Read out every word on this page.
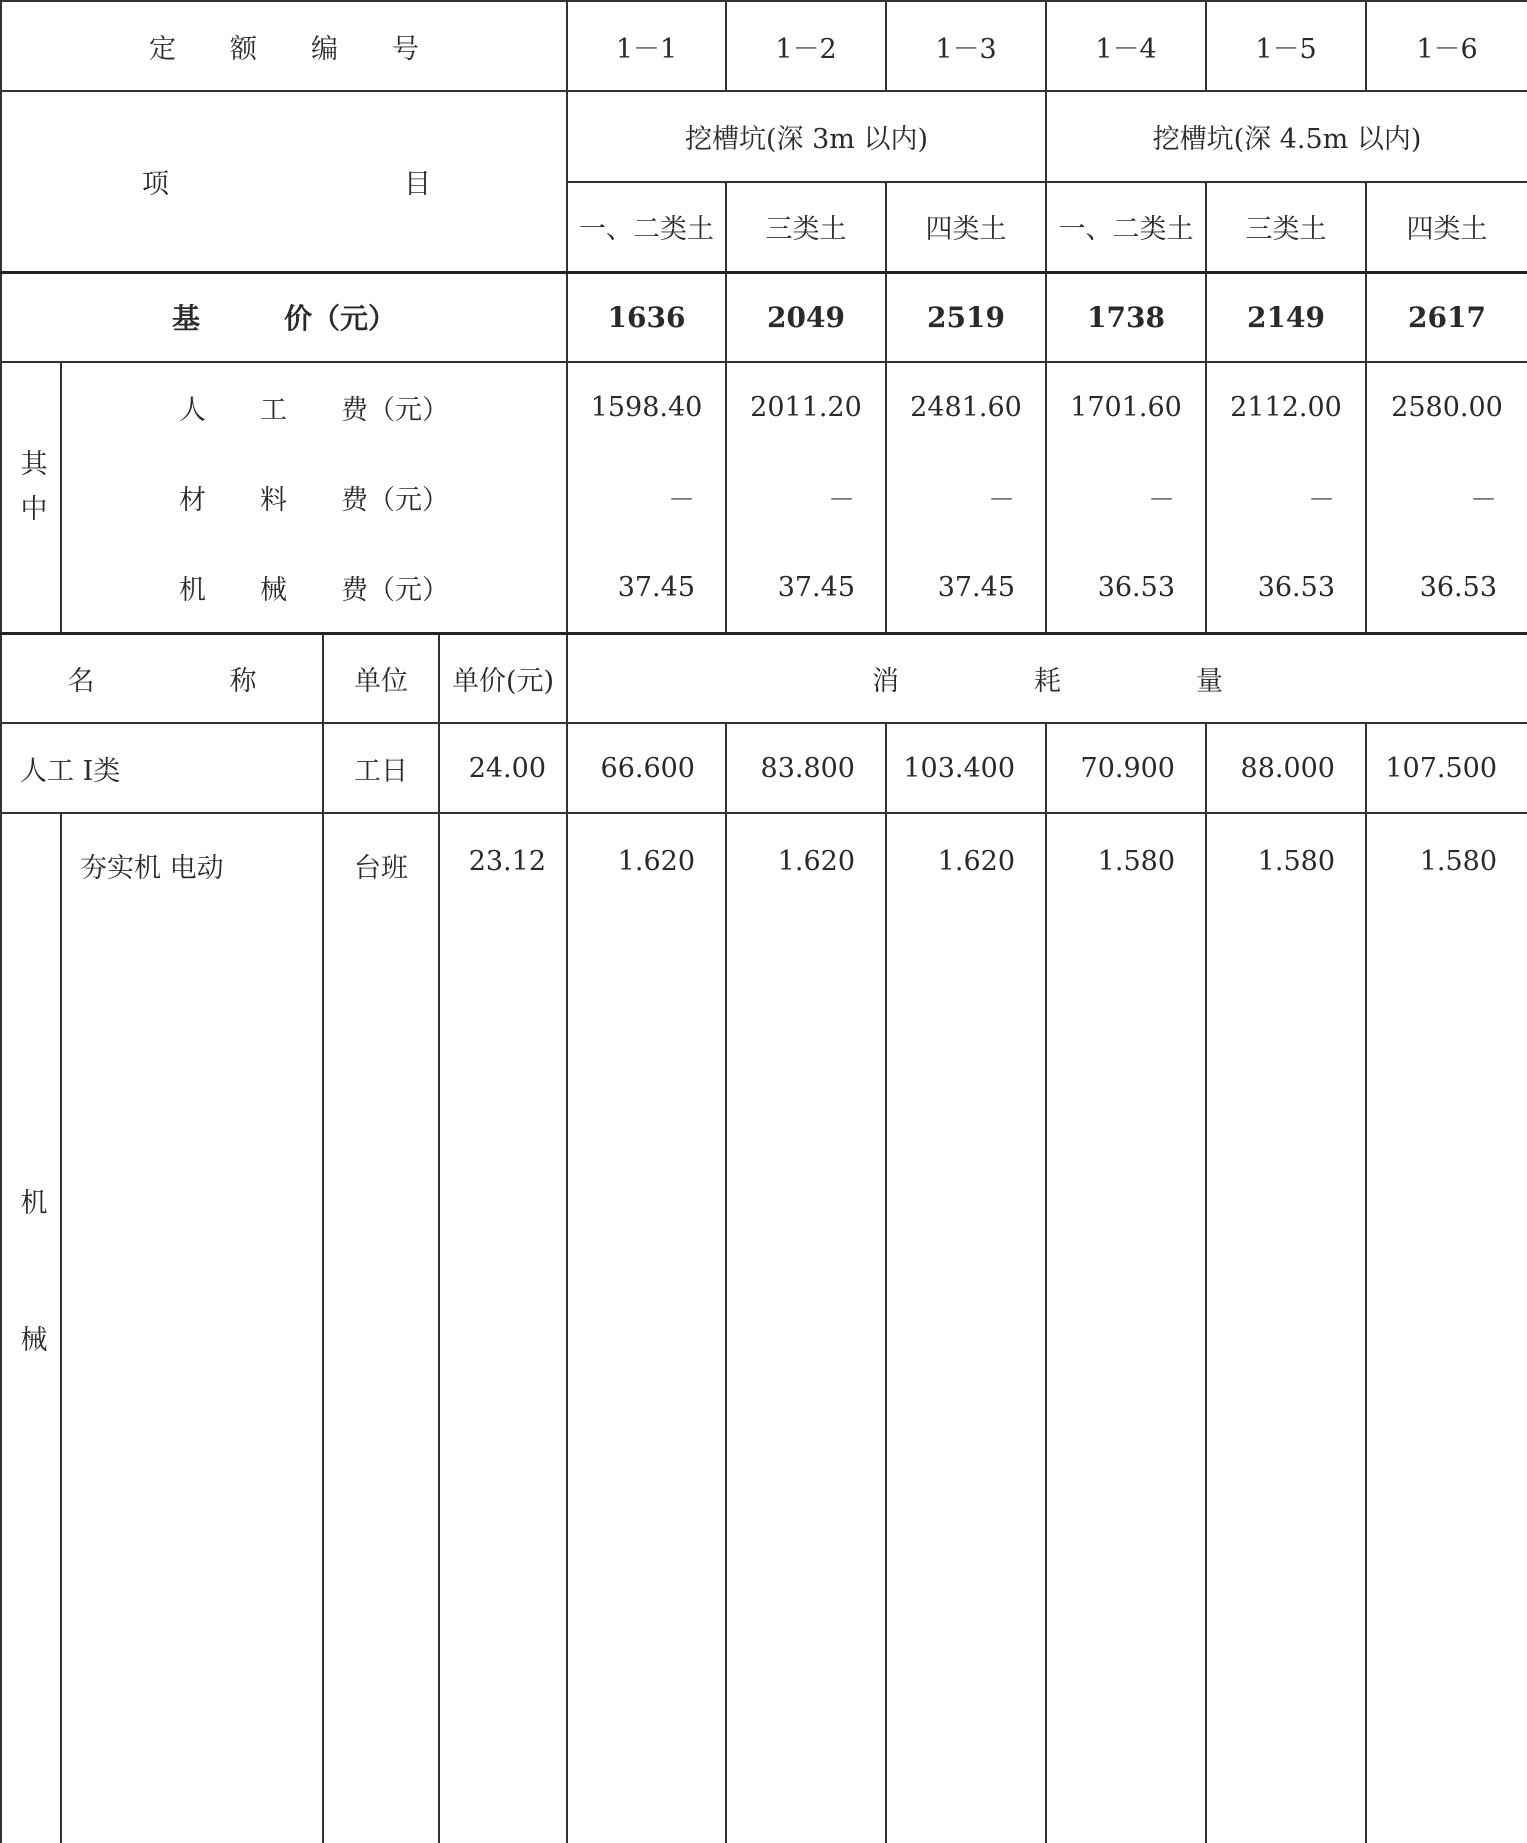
定　　额　　编　　号				1－1	1－2	1－3	1－4	1－5	1－6

项 目				挖槽坑(深 3m 以内)			挖槽坑(深 4.5m 以内)		
				一、二类土	三类土	四类土	一、二类土	三类土	四类土
基　　　价（元）				1636	2049	2519	1738	2149	2617
其中	人　　工　　费（元）			1598.40	2011.20	2481.60	1701.60	2112.00	2580.00
	材　　料　　费（元）			－	－	－	－	－	－
	机　　械　　费（元）			37.45	37.45	37.45	36.53	36.53	36.53
名　　　　　称		单位	单价(元)	消　　　　　耗　　　　　量					
人工 Ⅰ类		工日	24.00	66.600	83.800	103.400	70.900	88.000	107.500
机械	夯实机 电动	台班	23.12	1.620	1.620	1.620	1.580	1.580	1.580
